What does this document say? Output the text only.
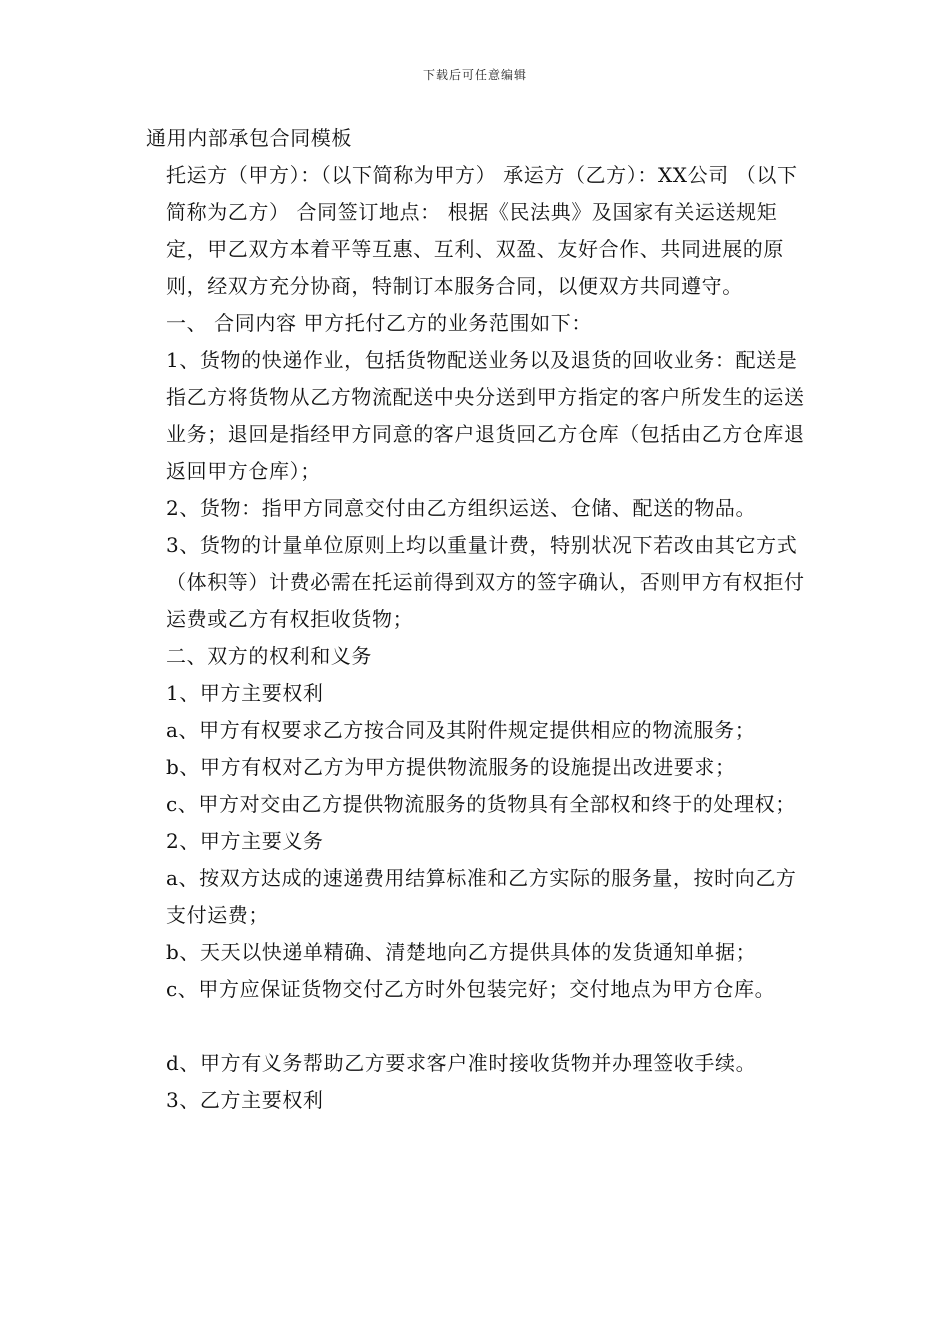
下载后可任意编辑

通用内部承包合同模板

托运方（甲方）：（以下简称为甲方） 承运方（乙方）：XX公司 （以下简称为乙方） 合同签订地点： 根据《民法典》及国家有关运送规矩定，甲乙双方本着平等互惠、互利、双盈、友好合作、共同进展的原则，经双方充分协商，特制订本服务合同，以便双方共同遵守。

一、 合同内容 甲方托付乙方的业务范围如下：

1、货物的快递作业，包括货物配送业务以及退货的回收业务：配送是指乙方将货物从乙方物流配送中央分送到甲方指定的客户所发生的运送业务；退回是指经甲方同意的客户退货回乙方仓库（包括由乙方仓库退返回甲方仓库）；

2、货物：指甲方同意交付由乙方组织运送、仓储、配送的物品。

3、货物的计量单位原则上均以重量计费，特别状况下若改由其它方式（体积等）计费必需在托运前得到双方的签字确认，否则甲方有权拒付运费或乙方有权拒收货物；

二、双方的权利和义务

1、甲方主要权利

a、甲方有权要求乙方按合同及其附件规定提供相应的物流服务；

b、甲方有权对乙方为甲方提供物流服务的设施提出改进要求；

c、甲方对交由乙方提供物流服务的货物具有全部权和终于的处理权；

2、甲方主要义务

a、按双方达成的速递费用结算标准和乙方实际的服务量，按时向乙方支付运费；

b、天天以快递单精确、清楚地向乙方提供具体的发货通知单据；

c、甲方应保证货物交付乙方时外包装完好；交付地点为甲方仓库。

d、甲方有义务帮助乙方要求客户准时接收货物并办理签收手续。

3、乙方主要权利
